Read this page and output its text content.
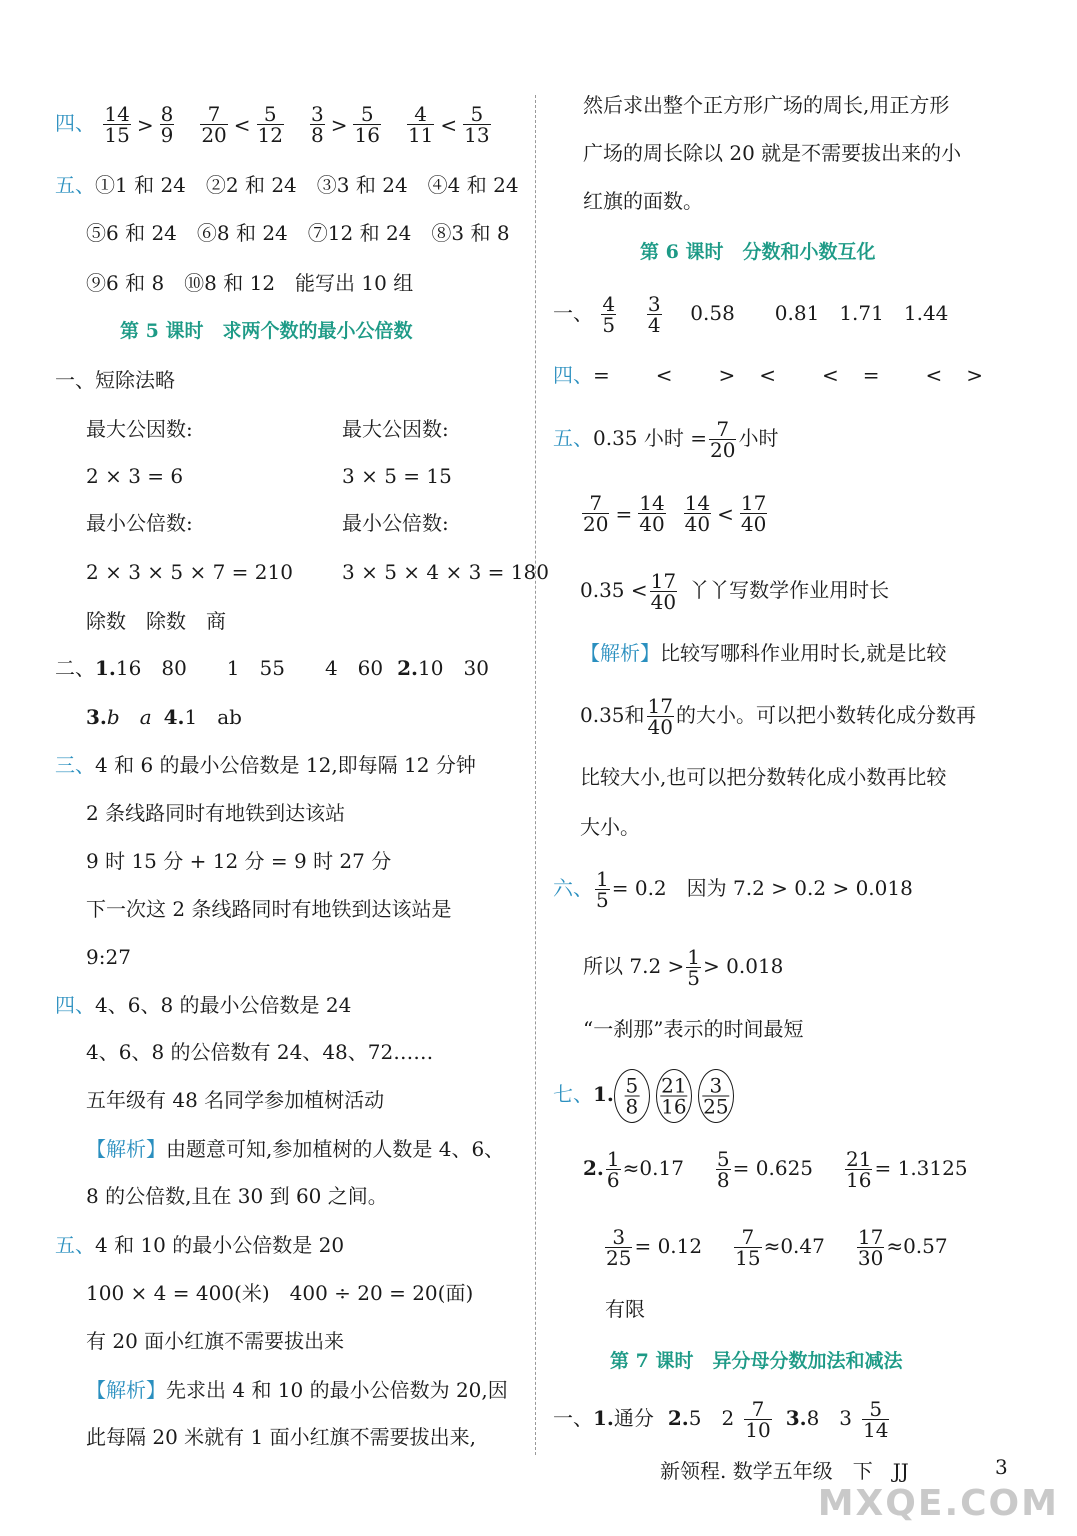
四、 $\frac{14}{15} > \frac{8}{9} \frac{7}{20} < \frac{5}{12} \frac{3}{8} > \frac{5}{16} \frac{4}{11} < \frac{5}{13}$
五、①1 和 24　②2 和 24　③3 和 24　④4 和 24
⑤6 和 24　⑥8 和 24　⑦12 和 24　⑧3 和 8
⑨6 和 8　⑩8 和 12　能写出 10 组
第 5 课时　求两个数的最小公倍数
一、短除法略
最大公因数:	最大公因数:
2 × 3 = 6	3 × 5 = 15
最小公倍数:	最小公倍数:
2 × 3 × 5 × 7 = 210 3 × 5 × 4 × 3 = 180
除数　除数　商
二、1.16　80　　1　55　　4　60 2.10　30
3.b　a 4.1　ab
三、4 和 6 的最小公倍数是 12,即每隔 12 分钟
2 条线路同时有地铁到达该站
9 时 15 分 + 12 分 = 9 时 27 分
下一次这 2 条线路同时有地铁到达该站是
9:27
四、4、6、8 的最小公倍数是 24
4、6、8 的公倍数有 24、48、72……
五年级有 48 名同学参加植树活动
【解析】由题意可知,参加植树的人数是 4、6、
8 的公倍数,且在 30 到 60 之间。
五、4 和 10 的最小公倍数是 20
100 × 4 = 400(米)　400 ÷ 20 = 20(面)
有 20 面小红旗不需要拔出来
【解析】先求出 4 和 10 的最小公倍数为 20,因
此每隔 20 米就有 1 面小红旗不需要拔出来,
然后求出整个正方形广场的周长,用正方形
广场的周长除以 20 就是不需要拔出来的小
红旗的面数。
第 6 课时　分数和小数互化
一、 $\frac{4}{5}$
$\frac{3}{4} 0.58$　　0.81　1.71　1.44
四、=　　<　　>　<　　<　=　　<　>
五、0.35 小时 = $\frac{7}{20}$ 小时
$\frac{7}{20} = \frac{14}{40} \frac{14}{40} < \frac{17}{40}$
$0.35 < \frac{17}{40}$ 丫丫写数学作业用时长
【解析】比较写哪科作业用时长,就是比较
0.35和 $\frac{17}{40}$ 的大小。可以把小数转化成分数再
比较大小,也可以把分数转化成小数再比较
大小。
六、 $\frac{1}{5} = 0.2$　因为 7.2 > 0.2 > 0.018
所以 $7.2 > \frac{1}{5} > 0.018$
“一刹那”表示的时间最短
七、1. 5
8
21
16
3
25
2. $\frac{1}{6} \approx 0.17 \frac{5}{8} = 0.625 \frac{21}{16} = 1.3125$
$\frac{3}{25} = 0.12 \frac{7}{15} \approx 0.47 \frac{17}{30} \approx 0.57$
有限
第 7 课时　异分母分数加法和减法
一、1.通分 2.5　$2 \frac{7}{10} 3.8$　$3 \frac{5}{14}$
新领程. 数学五年级　下　JJ	3
MXQE.COM
